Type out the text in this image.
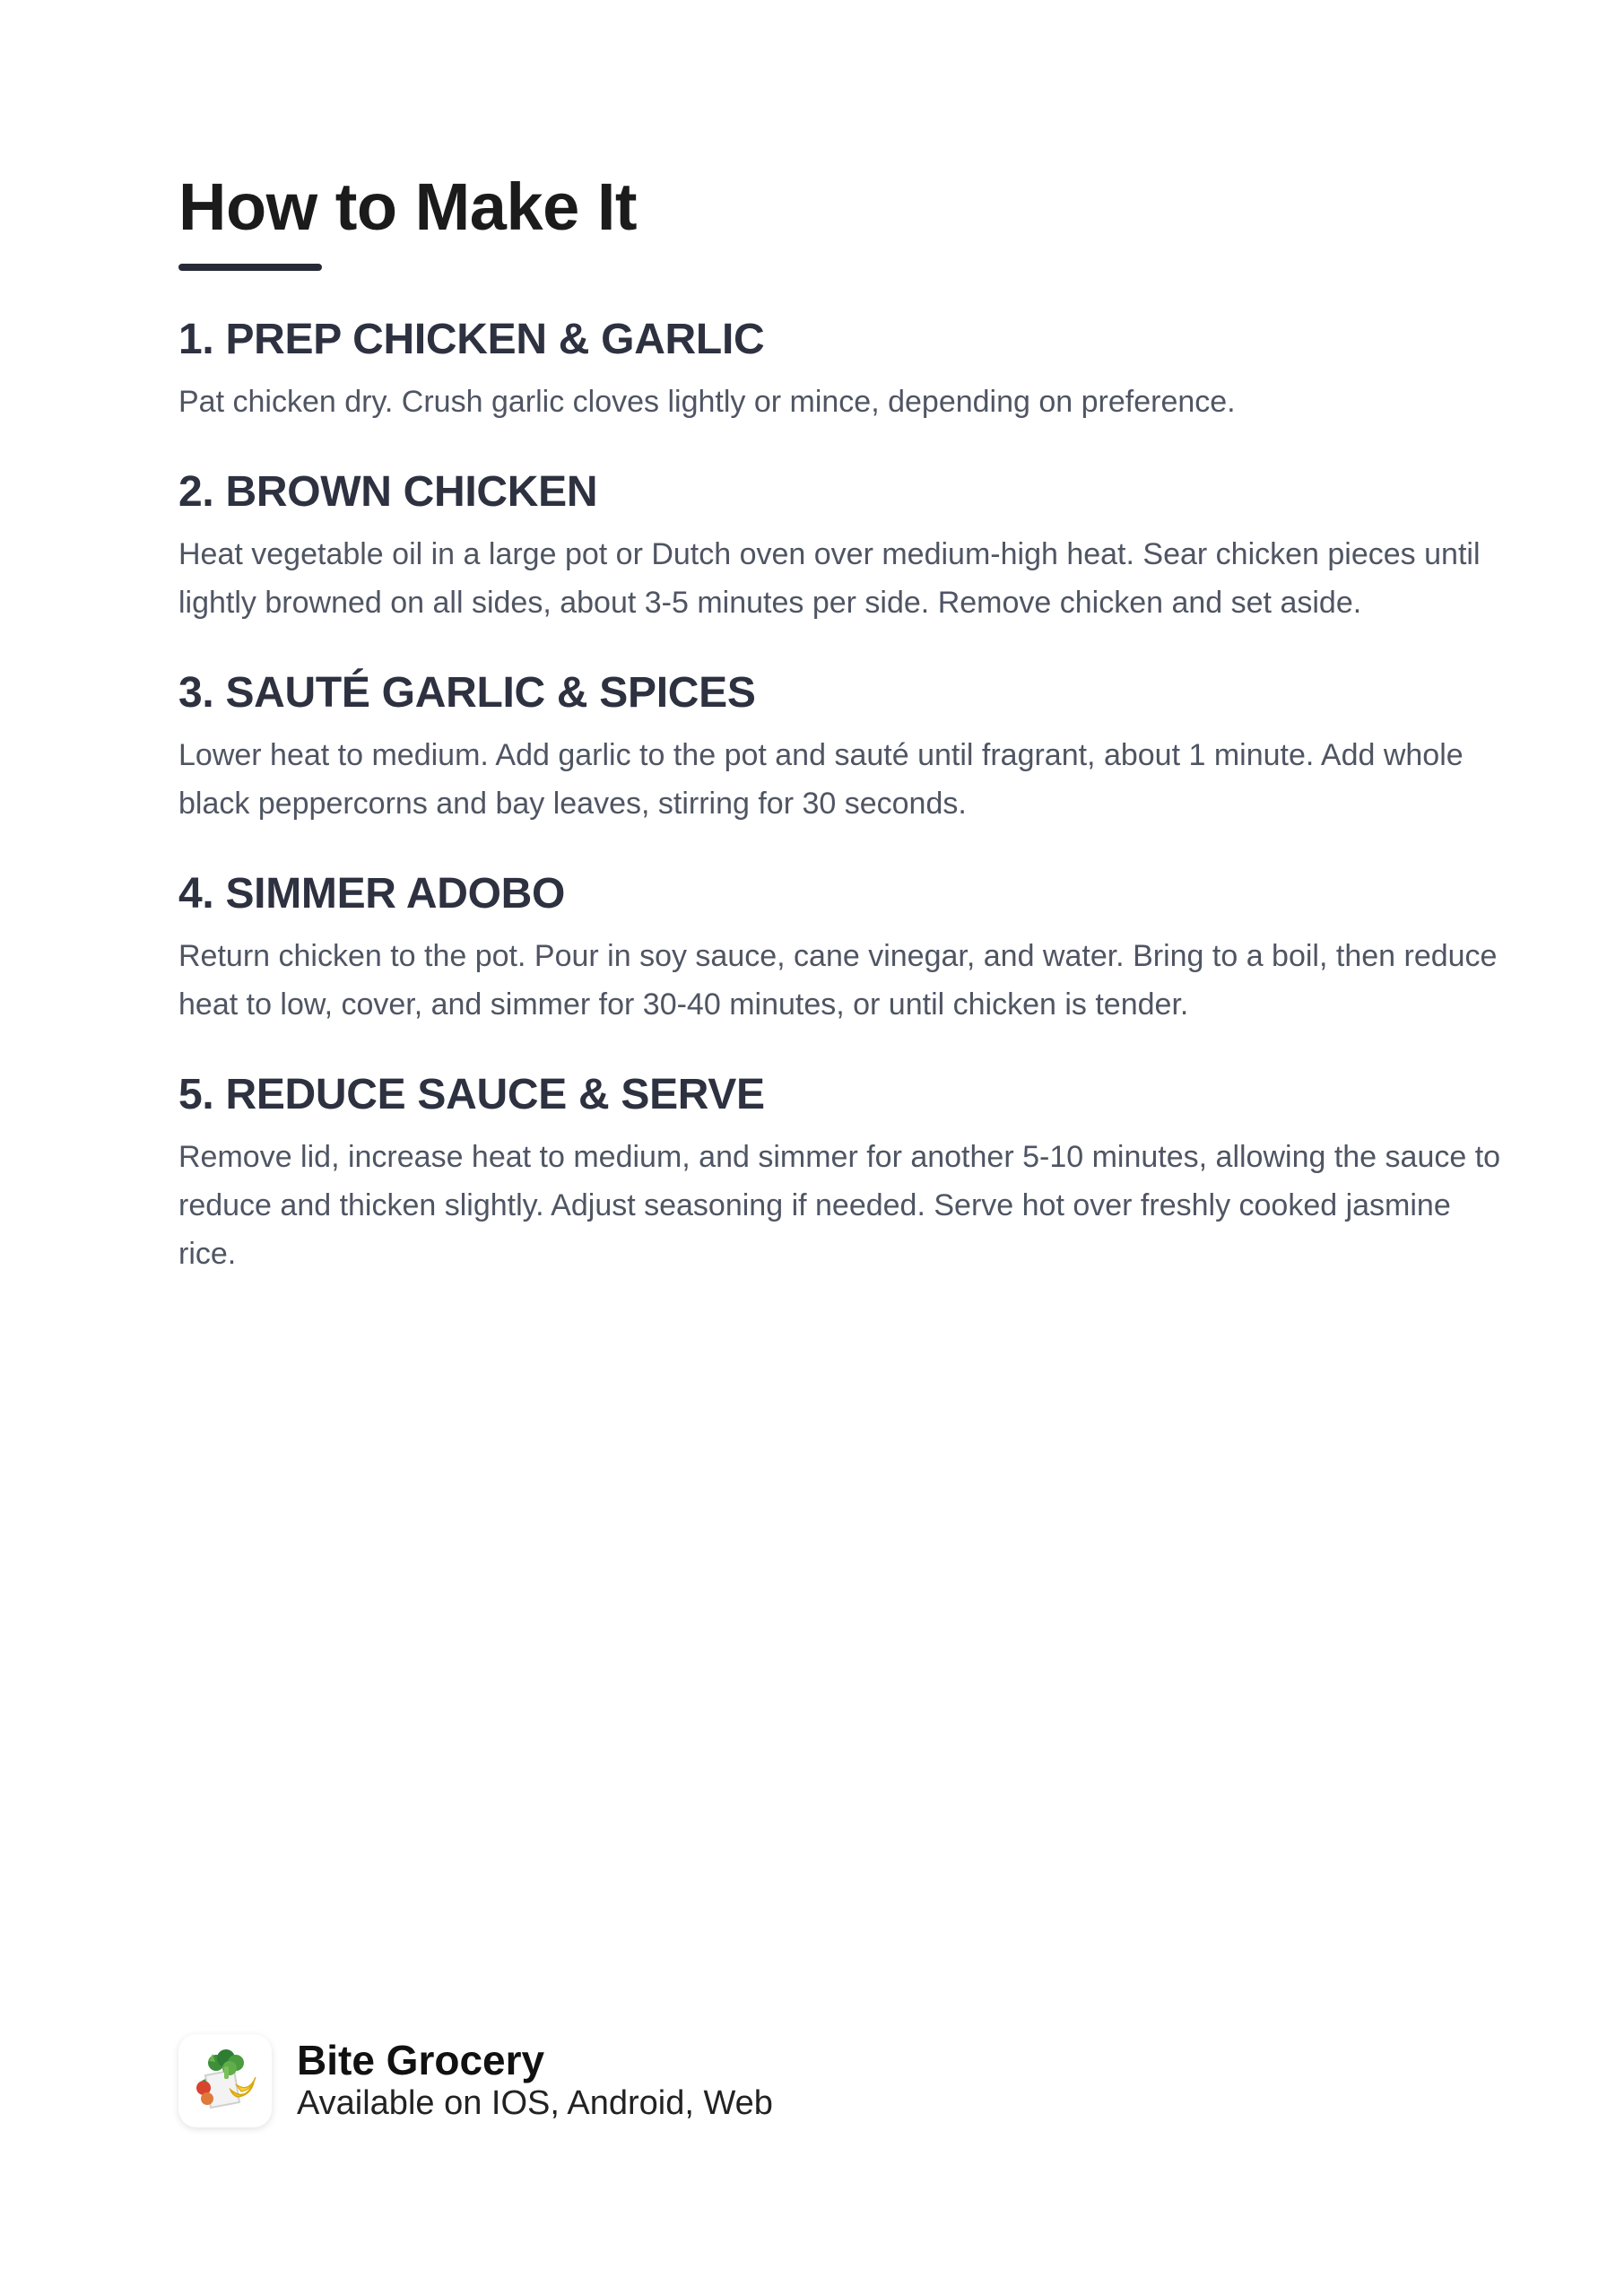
How to Make It
1. PREP CHICKEN & GARLIC

Pat chicken dry. Crush garlic cloves lightly or mince, depending on preference.

2. BROWN CHICKEN

Heat vegetable oil in a large pot or Dutch oven over medium-high heat. Sear chicken pieces until lightly browned on all sides, about 3-5 minutes per side. Remove chicken and set aside.

3. SAUTÉ GARLIC & SPICES

Lower heat to medium. Add garlic to the pot and sauté until fragrant, about 1 minute. Add whole black peppercorns and bay leaves, stirring for 30 seconds.

4. SIMMER ADOBO

Return chicken to the pot. Pour in soy sauce, cane vinegar, and water. Bring to a boil, then reduce heat to low, cover, and simmer for 30-40 minutes, or until chicken is tender.

5. REDUCE SAUCE & SERVE

Remove lid, increase heat to medium, and simmer for another 5-10 minutes, allowing the sauce to reduce and thicken slightly. Adjust seasoning if needed. Serve hot over freshly cooked jasmine rice.

Bite Grocery
Available on IOS, Android, Web
